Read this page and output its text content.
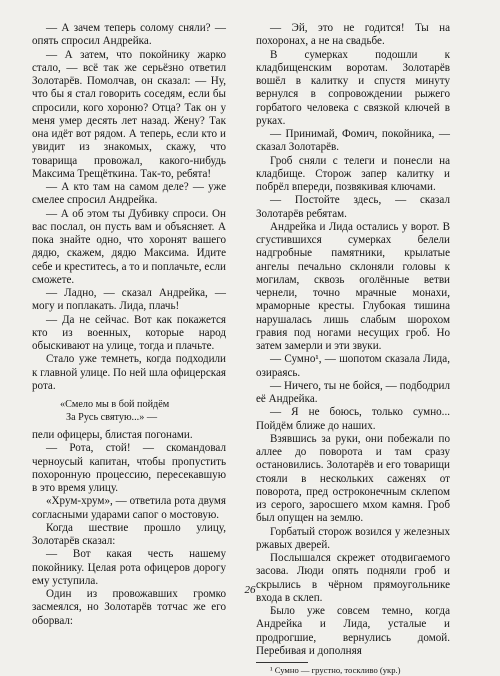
— А зачем теперь солому сняли? — опять спросил Андрейка.

— А затем, что покойнику жарко стало, — всё так же серьёзно ответил Золотарёв. Помолчав, он сказал: — Ну, что бы я стал говорить соседям, если бы спросили, кого хороню? Отца? Так он у меня умер десять лет назад. Жену? Так она идёт вот рядом. А теперь, если кто и увидит из знакомых, скажу, что товарища провожал, какого-нибудь Максима Трещёткина. Так-то, ребята!

— А кто там на самом деле? — уже смелее спросил Андрейка.

— А об этом ты Дубивку спроси. Он вас послал, он пусть вам и объясняет. А пока знайте одно, что хоронят вашего дядю, скажем, дядю Максима. Идите себе и креститесь, а то и поплачьте, если сможете.

— Ладно, — сказал Андрейка, — могу и поплакать. Лида, плачь!

— Да не сейчас. Вот как покажется кто из военных, которые народ обыскивают на улице, тогда и плачьте.

Стало уже темнеть, когда подходили к главной улице. По ней шла офицерская рота.

«Смело мы в бой пойдём
За Русь святую...» —

пели офицеры, блистая погонами.

— Рота, стой! — скомандовал черноусый капитан, чтобы пропустить похоронную процессию, пересекавшую в это время улицу.

«Хрум-хрум», — ответила рота двумя согласными ударами сапог о мостовую.

Когда шествие прошло улицу, Золотарёв сказал:

— Вот какая честь нашему покойнику. Целая рота офицеров дорогу ему уступила.

Один из провожавших громко засмеялся, но Золотарёв тотчас же его оборвал:

— Эй, это не годится! Ты на похоронах, а не на свадьбе.

В сумерках подошли к кладбищенским воротам. Золотарёв вошёл в калитку и спустя минуту вернулся в сопровождении рыжего горбатого человека с связкой ключей в руках.

— Принимай, Фомич, покойника, — сказал Золотарёв.

Гроб сняли с телеги и понесли на кладбище. Сторож запер калитку и побрёл впереди, позвякивая ключами.

— Постойте здесь, — сказал Золотарёв ребятам.

Андрейка и Лида остались у ворот. В сгустившихся сумерках белели надгробные памятники, крылатые ангелы печально склоняли головы к могилам, сквозь оголённые ветви чернели, точно мрачные монахи, мраморные кресты. Глубокая тишина нарушалась лишь слабым шорохом гравия под ногами несущих гроб. Но затем замерли и эти звуки.

— Сумно¹, — шопотом сказала Лида, озираясь.

— Ничего, ты не бойся, — подбодрил её Андрейка.

— Я не боюсь, только сумно... Пойдём ближе до наших.

Взявшись за руки, они побежали по аллее до поворота и там сразу остановились. Золотарёв и его товарищи стояли в нескольких саженях от поворота, пред остроконечным склепом из серого, заросшего мхом камня. Гроб был опущен на землю.

Горбатый сторож возился у железных ржавых дверей.

Послышался скрежет отодвигаемого засова. Люди опять подняли гроб и скрылись в чёрном прямоугольнике входа в склеп.

Было уже совсем темно, когда Андрейка и Лида, усталые и продрогшие, вернулись домой. Перебивая и дополняя

¹ Сумно — грустно, тоскливо (укр.)

26
